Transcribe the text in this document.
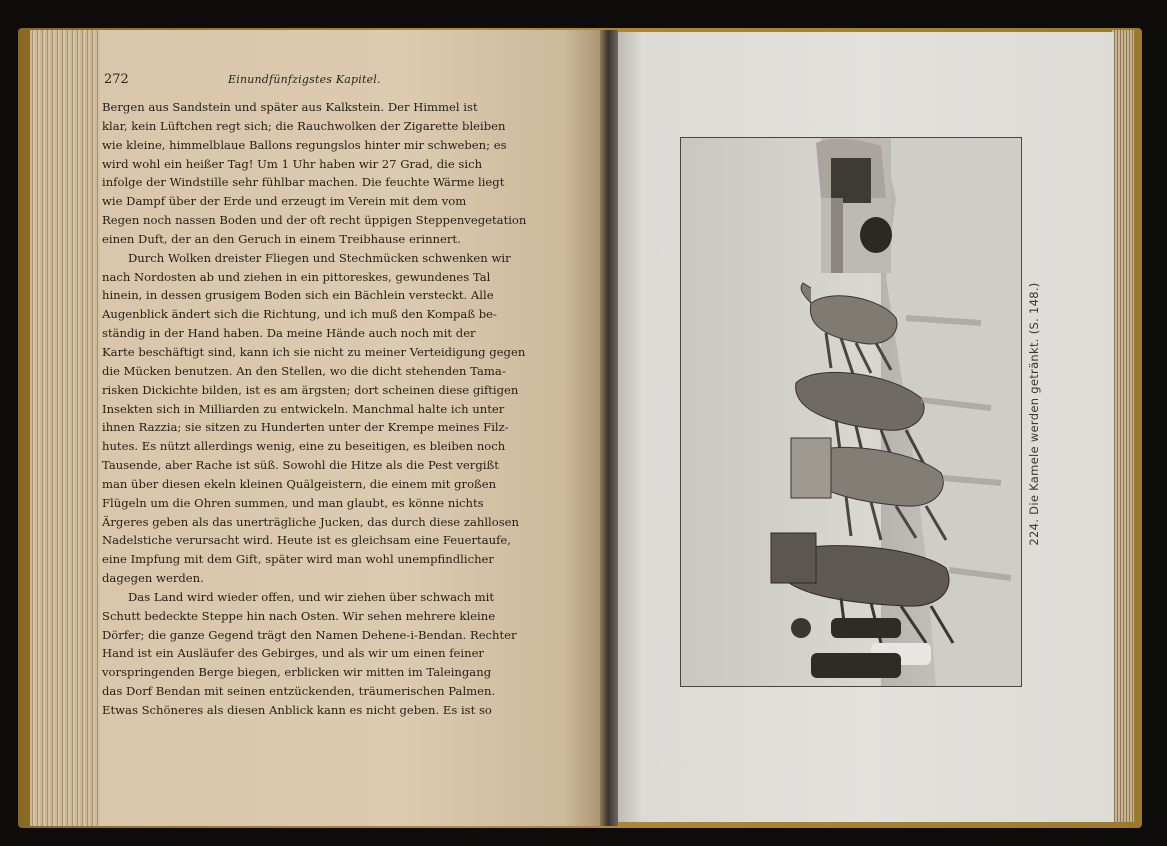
272	Einundfünfzigstes Kapitel.
Bergen aus Sandstein und später aus Kalkstein. Der Himmel ist
klar, kein Lüftchen regt sich; die Rauchwolken der Zigarette bleiben
wie kleine, himmelblaue Ballons regungslos hinter mir schweben; es
wird wohl ein heißer Tag! Um 1 Uhr haben wir 27 Grad, die sich
infolge der Windstille sehr fühlbar machen. Die feuchte Wärme liegt
wie Dampf über der Erde und erzeugt im Verein mit dem vom
Regen noch nassen Boden und der oft recht üppigen Steppenvegetation
einen Duft, der an den Geruch in einem Treibhause erinnert.
Durch Wolken dreister Fliegen und Stechmücken schwenken wir
nach Nordosten ab und ziehen in ein pittoreskes, gewundenes Tal
hinein, in dessen grusigem Boden sich ein Bächlein versteckt. Alle
Augenblick ändert sich die Richtung, und ich muß den Kompaß be-
ständig in der Hand haben. Da meine Hände auch noch mit der
Karte beschäftigt sind, kann ich sie nicht zu meiner Verteidigung gegen
die Mücken benutzen. An den Stellen, wo die dicht stehenden Tama-
risken Dickichte bilden, ist es am ärgsten; dort scheinen diese giftigen
Insekten sich in Milliarden zu entwickeln. Manchmal halte ich unter
ihnen Razzia; sie sitzen zu Hunderten unter der Krempe meines Filz-
hutes. Es nützt allerdings wenig, eine zu beseitigen, es bleiben noch
Tausende, aber Rache ist süß. Sowohl die Hitze als die Pest vergißt
man über diesen ekeln kleinen Quälgeistern, die einem mit großen
Flügeln um die Ohren summen, und man glaubt, es könne nichts
Ärgeres geben als das unerträgliche Jucken, das durch diese zahllosen
Nadelstiche verursacht wird. Heute ist es gleichsam eine Feuertaufe,
eine Impfung mit dem Gift, später wird man wohl unempfindlicher
dagegen werden.
Das Land wird wieder offen, und wir ziehen über schwach mit
Schutt bedeckte Steppe hin nach Osten. Wir sehen mehrere kleine
Dörfer; die ganze Gegend trägt den Namen Dehene-i-Bendan. Rechter
Hand ist ein Ausläufer des Gebirges, und als wir um einen feiner
vorspringenden Berge biegen, erblicken wir mitten im Taleingang
das Dorf Bendan mit seinen entzückenden, träumerischen Palmen.
Etwas Schöneres als diesen Anblick kann es nicht geben. Es ist so
224. Die Kamele werden getränkt. (S. 148.)
